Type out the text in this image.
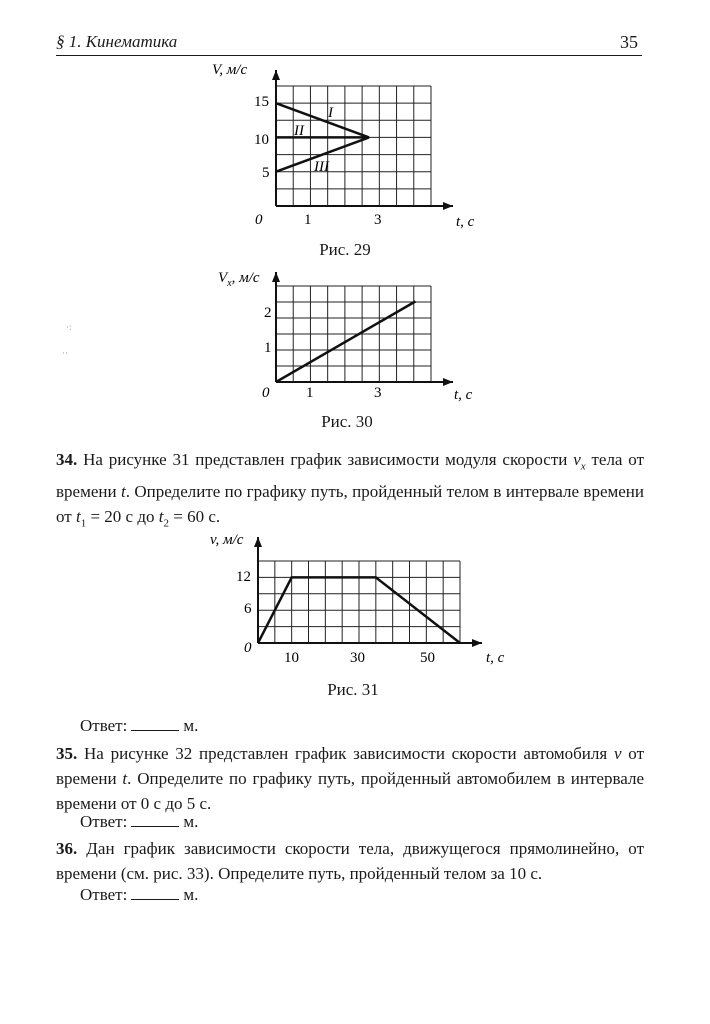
§ 1. Кинематика	35
·:
··
V, м/с
t, с
0
15
10
5
1	3
I
II
III
Рис. 29
$V_x$, м/с
t, с
0
2
1
1	3
Рис. 30
34. На рисунке 31 представлен график зависимости модуля скорости $v_x$ тела от времени t. Определите по графику путь, пройденный телом в интервале времени от $t_1 = 20$ с до $t_2 = 60$ с.
v, м/с
t, с
0
12
6
10	30	50
Рис. 31
Ответ:	м.
35. На рисунке 32 представлен график зависимости скорости автомобиля v от времени t. Определите по графику путь, пройденный автомобилем в интервале времени от 0 с до 5 с.
Ответ:	м.
36. Дан график зависимости скорости тела, движущегося прямолинейно, от времени (см. рис. 33). Определите путь, пройденный телом за 10 с.
Ответ:	м.
